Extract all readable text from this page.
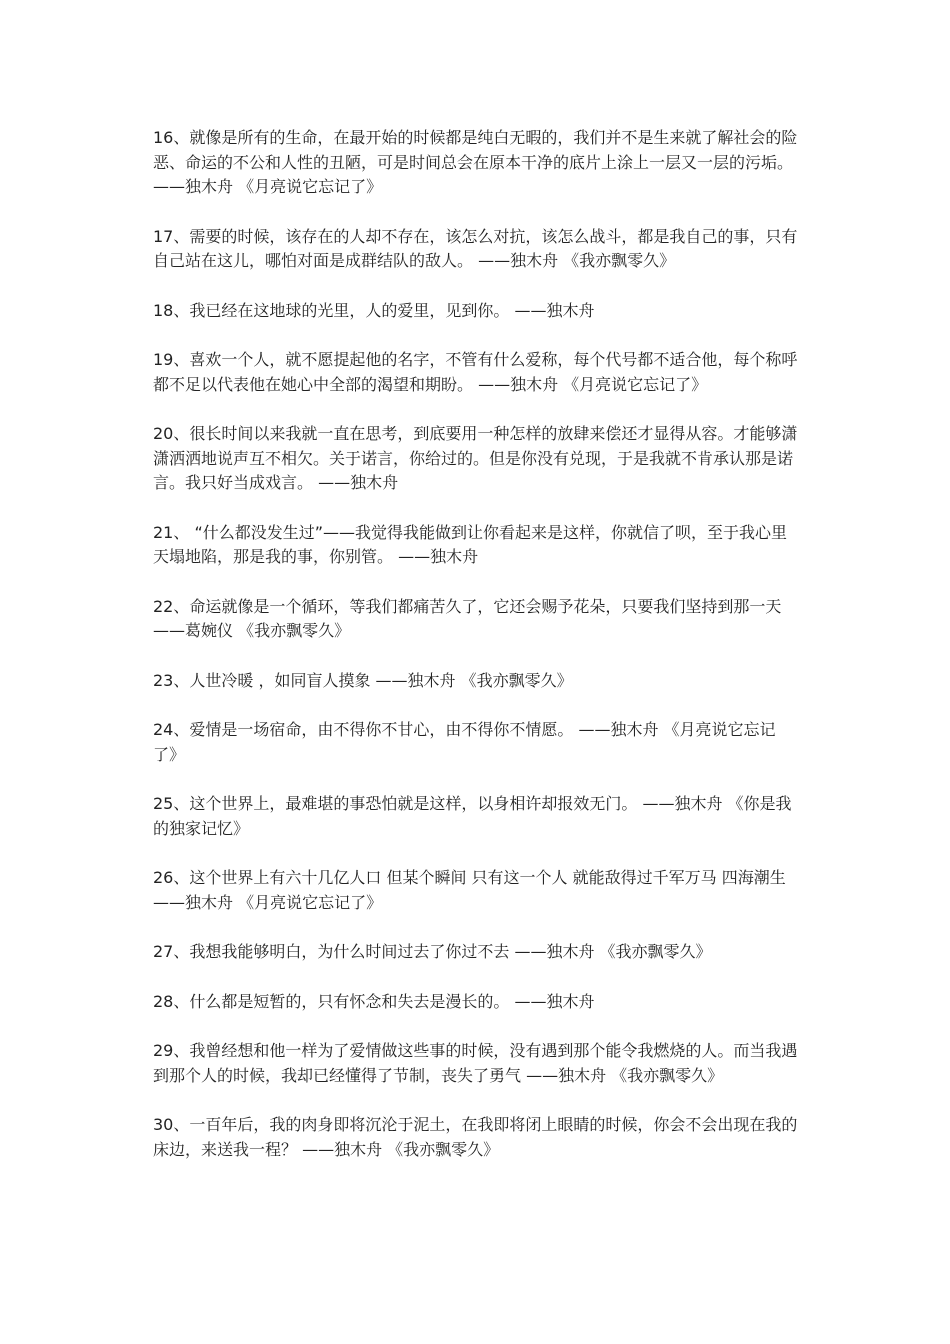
16、就像是所有的生命，在最开始的时候都是纯白无暇的，我们并不是生来就了解社会的险恶、命运的不公和人性的丑陋，可是时间总会在原本干净的底片上涂上一层又一层的污垢。 ——独木舟 《月亮说它忘记了》

17、需要的时候，该存在的人却不存在，该怎么对抗，该怎么战斗，都是我自己的事，只有自己站在这儿，哪怕对面是成群结队的敌人。 ——独木舟 《我亦飘零久》

18、我已经在这地球的光里，人的爱里，见到你。 ——独木舟

19、喜欢一个人，就不愿提起他的名字，不管有什么爱称，每个代号都不适合他，每个称呼都不足以代表他在她心中全部的渴望和期盼。 ——独木舟 《月亮说它忘记了》

20、很长时间以来我就一直在思考，到底要用一种怎样的放肆来偿还才显得从容。才能够潇潇洒洒地说声互不相欠。关于诺言，你给过的。但是你没有兑现，于是我就不肯承认那是诺言。我只好当成戏言。 ——独木舟

21、 “什么都没发生过”——我觉得我能做到让你看起来是这样，你就信了呗，至于我心里天塌地陷，那是我的事，你别管。 ——独木舟

22、命运就像是一个循环，等我们都痛苦久了，它还会赐予花朵，只要我们坚持到那一天 ——葛婉仪 《我亦飘零久》

23、人世冷暖 ，如同盲人摸象 ——独木舟 《我亦飘零久》

24、爱情是一场宿命，由不得你不甘心，由不得你不情愿。 ——独木舟 《月亮说它忘记了》

25、这个世界上，最难堪的事恐怕就是这样，以身相许却报效无门。 ——独木舟 《你是我的独家记忆》

26、这个世界上有六十几亿人口 但某个瞬间 只有这一个人 就能敌得过千军万马 四海潮生 ——独木舟 《月亮说它忘记了》

27、我想我能够明白，为什么时间过去了你过不去 ——独木舟 《我亦飘零久》

28、什么都是短暂的，只有怀念和失去是漫长的。 ——独木舟

29、我曾经想和他一样为了爱情做这些事的时候，没有遇到那个能令我燃烧的人。而当我遇到那个人的时候，我却已经懂得了节制，丧失了勇气 ——独木舟 《我亦飘零久》

30、一百年后，我的肉身即将沉沦于泥土，在我即将闭上眼睛的时候，你会不会出现在我的床边，来送我一程？ ——独木舟 《我亦飘零久》
